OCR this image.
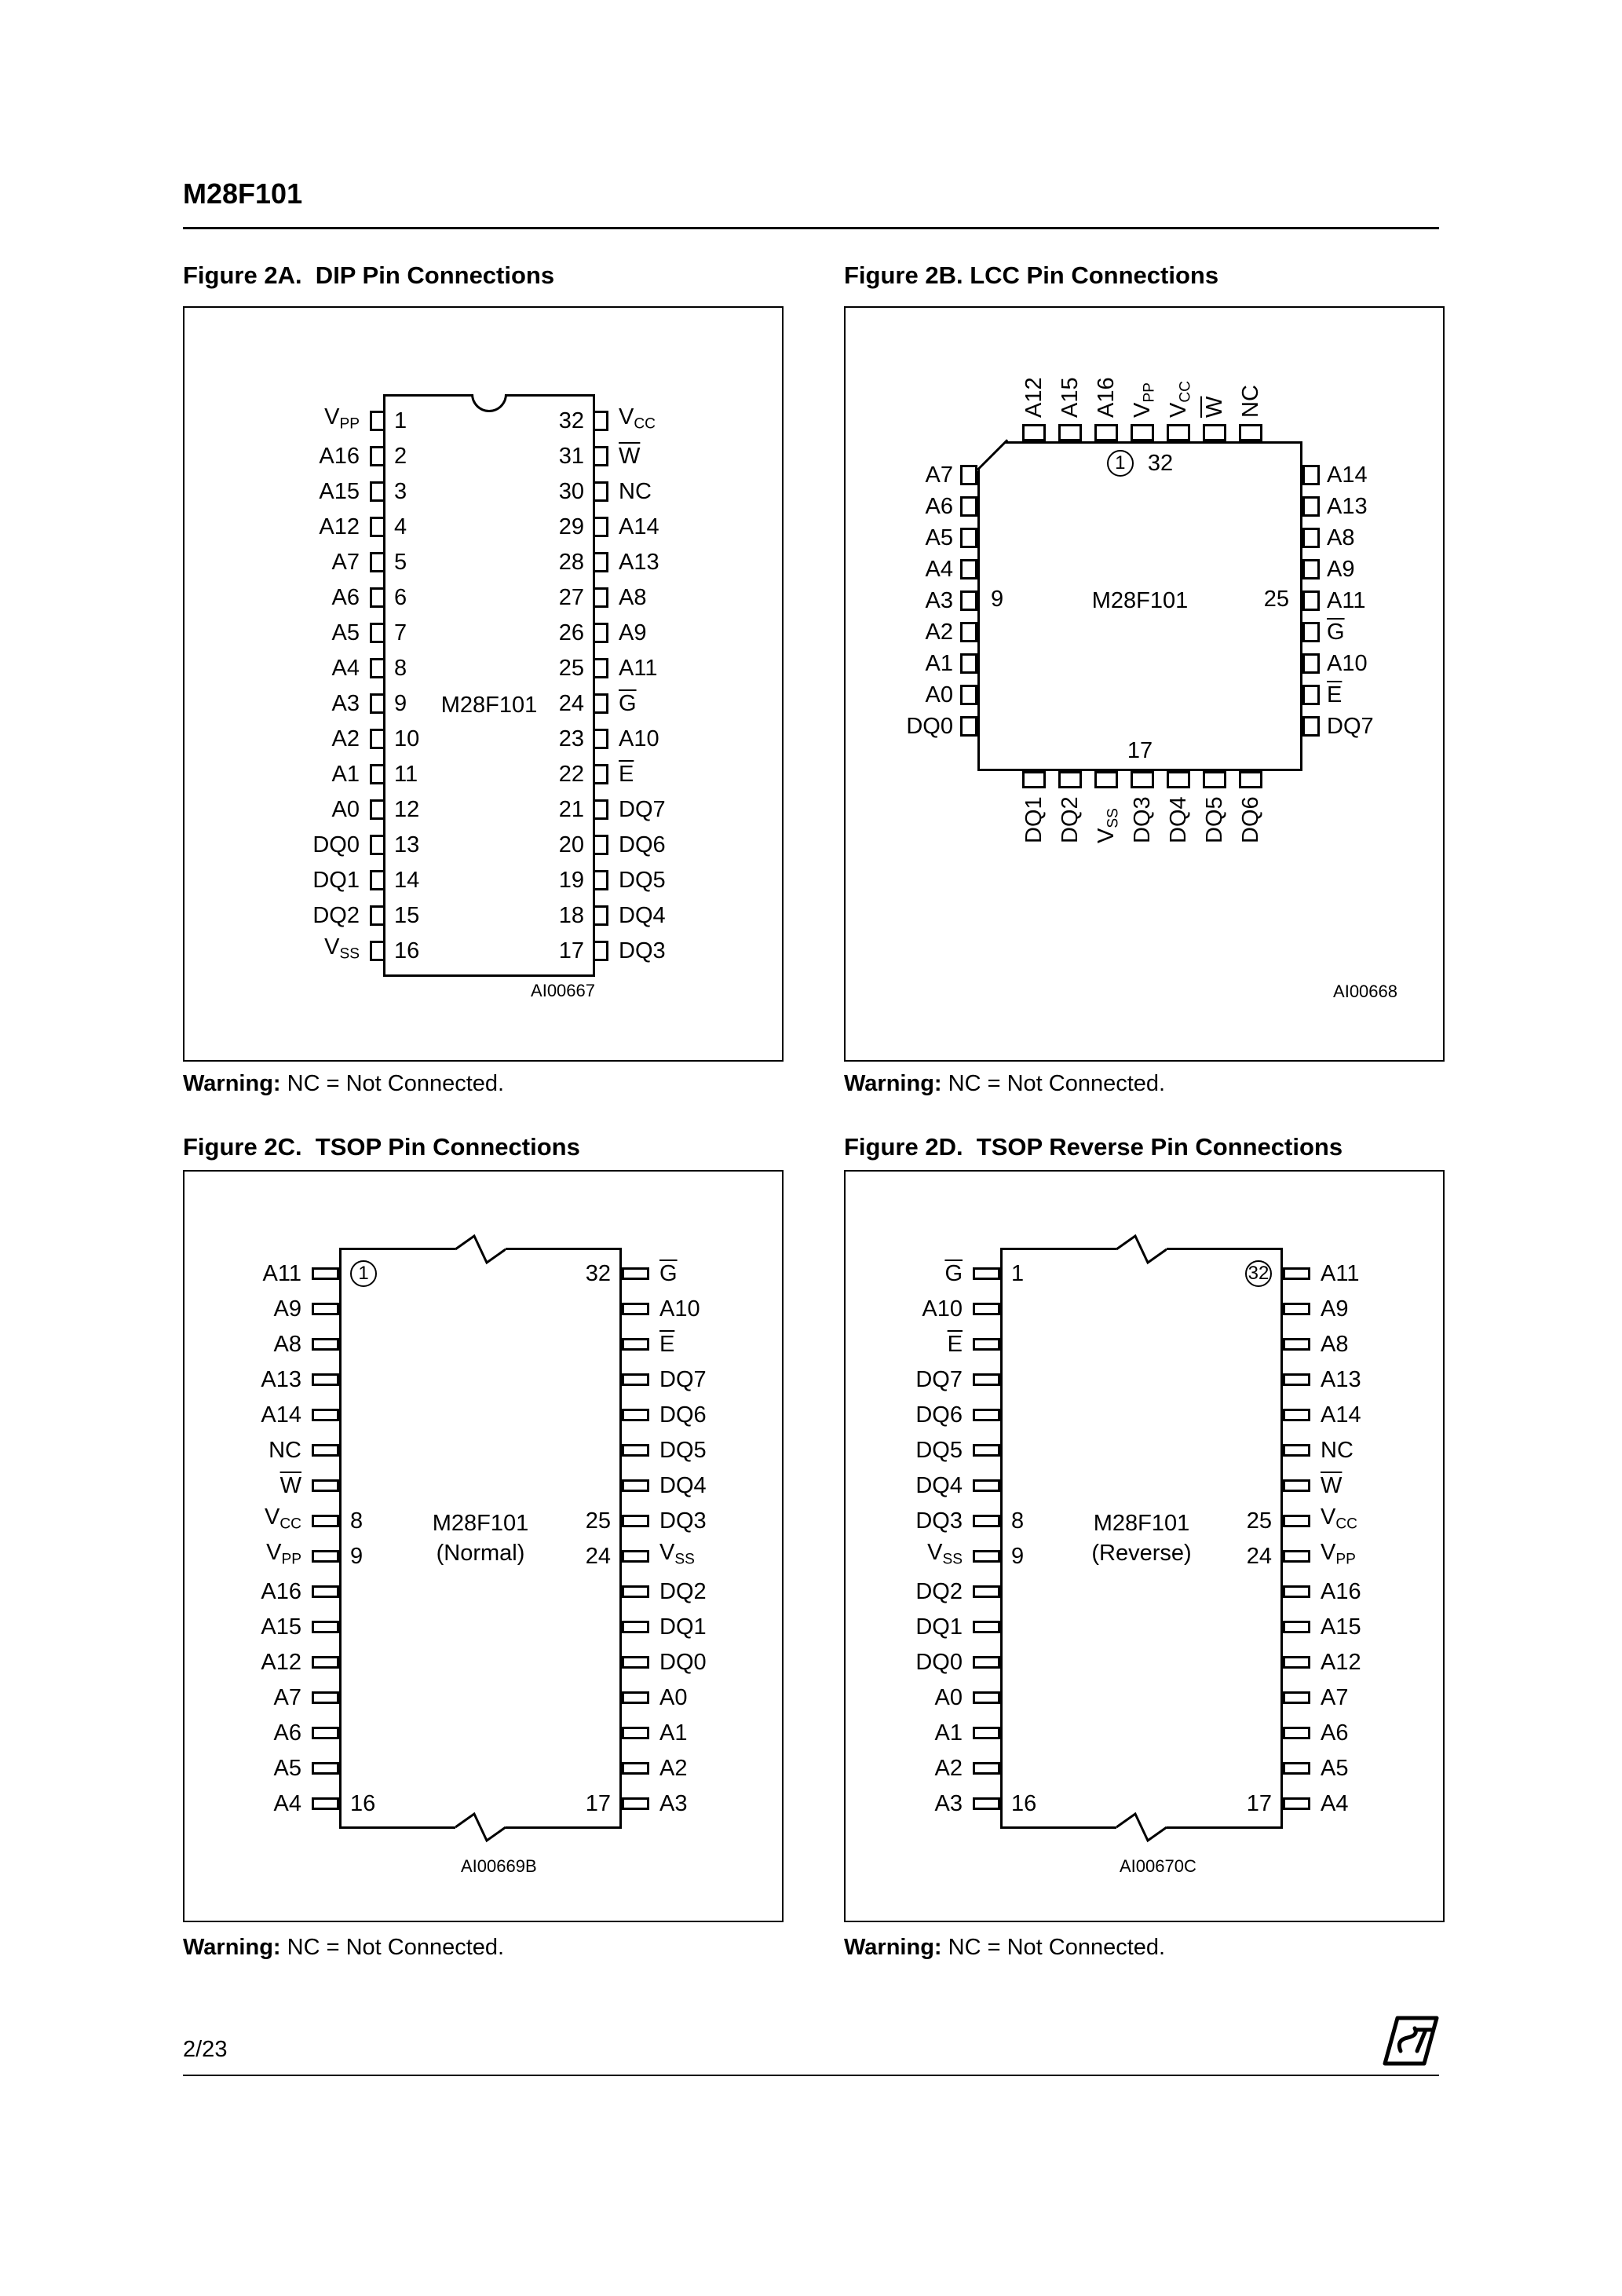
M28F101
Figure 2A.  DIP Pin Connections
M28F101
$V_{PP}$	1	32	$V_{CC}$
A16	2	31	$\overline{W}$
A15	3	30	NC
A12	4	29	A14
A7	5	28	A13
A6	6	27	A8
A5	7	26	A9
A4	8	25	A11
A3	9	24	$\overline{G}$
A2	10	23	A10
A1	11	22	$\overline{E}$
A0	12	21	DQ7
DQ0	13	20	DQ6
DQ1	14	19	DQ5
DQ2	15	18	DQ4
$V_{SS}$	16	17	DQ3
AI00667
Warning: NC = Not Connected.
Figure 2B. LCC Pin Connections
1 32
9	25
17
M28F101
A12 A15 A16 $V_{PP}$
$V_{CC}$
$\overline{W}$ NC
DQ1 DQ2 $V_{SS}$ DQ3 DQ4 DQ5 DQ6
A7
A6
A5
A4
A3
A2
A1
A0
DQ0
A14
A13
A8
A9
A11
$\overline{G}$
A10
$\overline{E}$
DQ7
AI00668
Warning: NC = Not Connected.
Figure 2C.  TSOP Pin Connections
M28F101
(Normal)
A11	1	32	$\overline{G}$
A9	A10
A8	$\overline{E}$
A13	DQ7
A14	DQ6
NC	DQ5
$\overline{W}$	DQ4
$V_{CC}$	8	25	DQ3
$V_{PP}$	9	24	$V_{SS}$
A16	DQ2
A15	DQ1
A12	DQ0
A7	A0
A6	A1
A5	A2
A4	16	17	A3
AI00669B
Warning: NC = Not Connected.
Figure 2D.  TSOP Reverse Pin Connections
M28F101
(Reverse)
$\overline{G}$	1	32	A11
A10	A9
$\overline{E}$	A8
DQ7	A13
DQ6	A14
DQ5	NC
DQ4	$\overline{W}$
DQ3	8	25	$V_{CC}$
$V_{SS}$	9	24	$V_{PP}$
DQ2	A16
DQ1	A15
DQ0	A12
A0	A7
A1	A6
A2	A5
A3	16	17	A4
AI00670C
Warning: NC = Not Connected.
2/23
